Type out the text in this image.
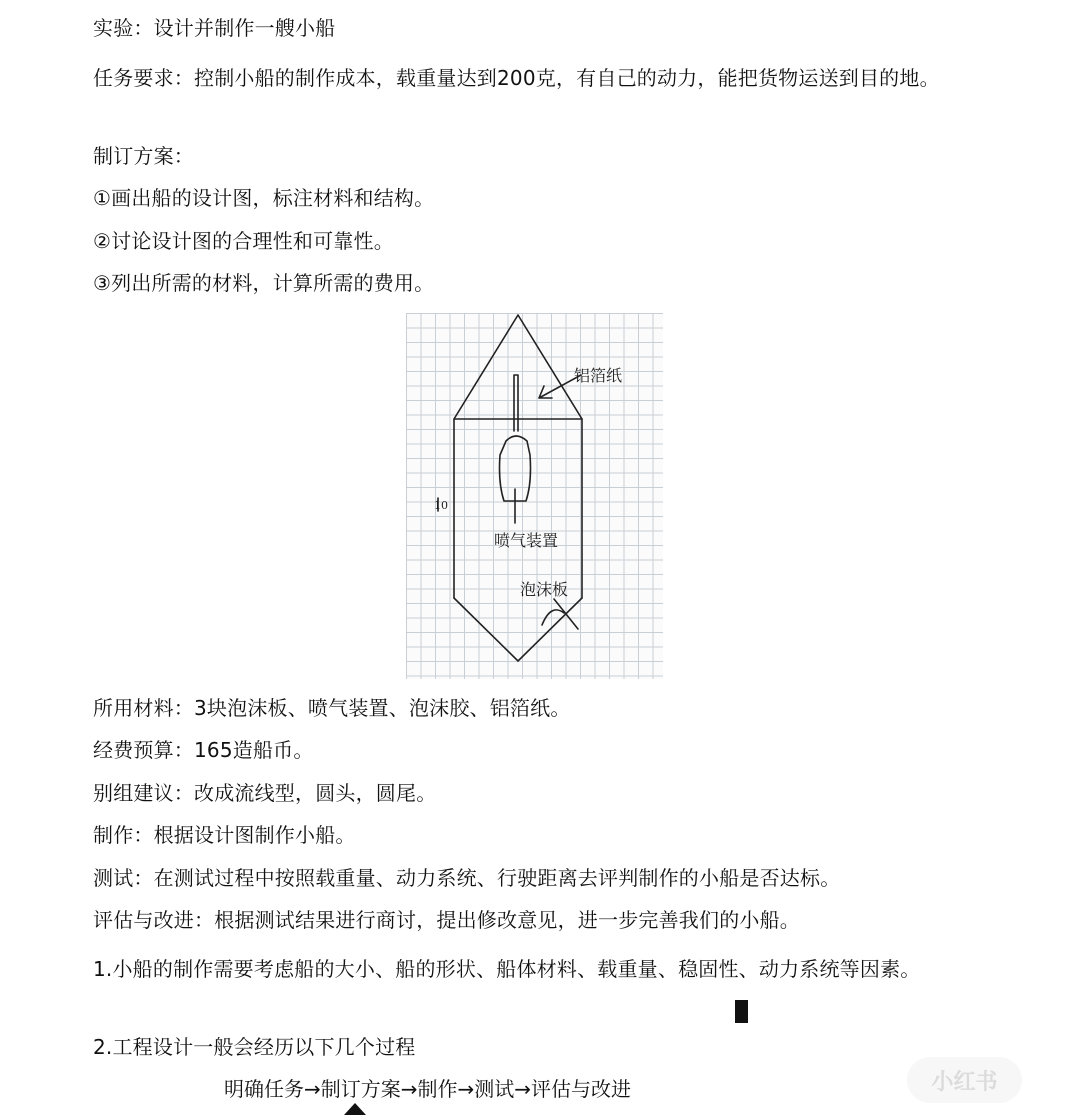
实验：设计并制作一艘小船
任务要求：控制小船的制作成本，载重量达到200克，有自己的动力，能把货物运送到目的地。
制订方案：
①画出船的设计图，标注材料和结构。
②讨论设计图的合理性和可靠性。
③列出所需的材料，计算所需的费用。
铝箔纸
喷气装置
泡沫板
10
所用材料：3块泡沫板、喷气装置、泡沫胶、铝箔纸。
经费预算：165造船币。
别组建议：改成流线型，圆头，圆尾。
制作：根据设计图制作小船。
测试：在测试过程中按照载重量、动力系统、行驶距离去评判制作的小船是否达标。
评估与改进：根据测试结果进行商讨，提出修改意见，进一步完善我们的小船。
1.小船的制作需要考虑船的大小、船的形状、船体材料、载重量、稳固性、动力系统等因素。
2.工程设计一般会经历以下几个过程
明确任务→制订方案→制作→测试→评估与改进	小红书
